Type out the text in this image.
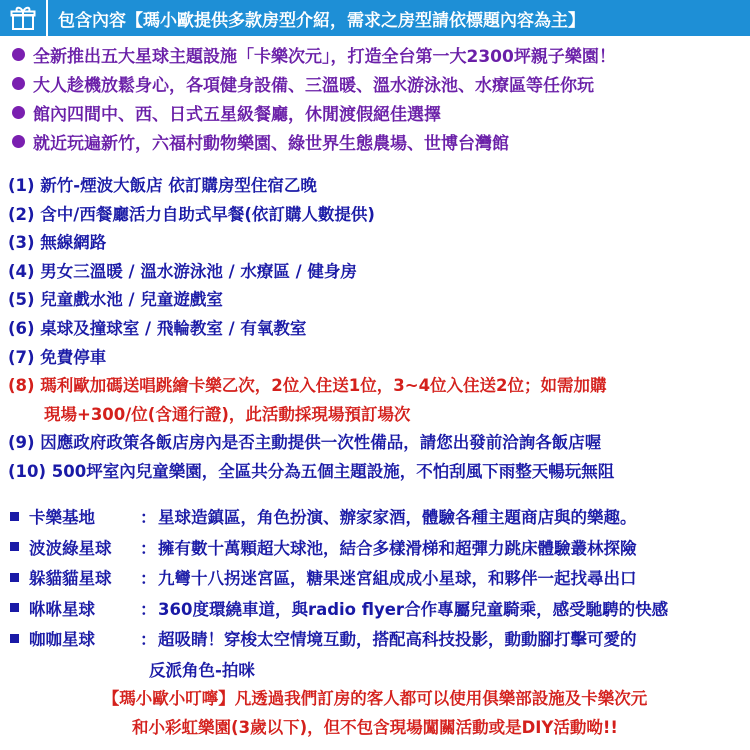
包含內容【瑪小歐提供多款房型介紹，需求之房型請依標題內容為主】
全新推出五大星球主題設施「卡樂次元」，打造全台第一大2300坪親子樂園！
大人趁機放鬆身心，各項健身設備、三溫暖、溫水游泳池、水療區等任你玩
館內四間中、西、日式五星級餐廳，休閒渡假絕佳選擇
就近玩遍新竹，六福村動物樂園、綠世界生態農場、世博台灣館
(1) 新竹-煙波大飯店 依訂購房型住宿乙晚
(2) 含中/西餐廳活力自助式早餐(依訂購人數提供)
(3) 無線網路
(4) 男女三溫暖 / 溫水游泳池 / 水療區 / 健身房
(5) 兒童戲水池 / 兒童遊戲室
(6) 桌球及撞球室 / 飛輪教室 / 有氧教室
(7) 免費停車
(8) 瑪利歐加碼送唱跳繪卡樂乙次，2位入住送1位，3~4位入住送2位；如需加購
現場+300/位(含通行證)，此活動採現場預訂場次
(9) 因應政府政策各飯店房內是否主動提供一次性備品，請您出發前洽詢各飯店喔
(10) 500坪室內兒童樂園，全區共分為五個主題設施，不怕刮風下雨整天暢玩無阻
卡樂基地	： 星球造鎮區，角色扮演、辦家家酒，體驗各種主題商店與的樂趣。
波波綠星球	： 擁有數十萬顆超大球池，結合多樣滑梯和超彈力跳床體驗叢林探險
躲貓貓星球	： 九彎十八拐迷宮區，糖果迷宮組成成小星球，和夥伴一起找尋出口
咻咻星球	： 360度環繞車道，與radio flyer合作專屬兒童騎乘，感受馳騁的快感
咖咖星球	： 超吸睛！穿梭太空情境互動，搭配高科技投影，動動腳打擊可愛的
反派角色-拍咪
【瑪小歐小叮嚀】凡透過我們訂房的客人都可以使用俱樂部設施及卡樂次元
和小彩虹樂園(3歲以下)，但不包含現場闖關活動或是DIY活動呦!!
